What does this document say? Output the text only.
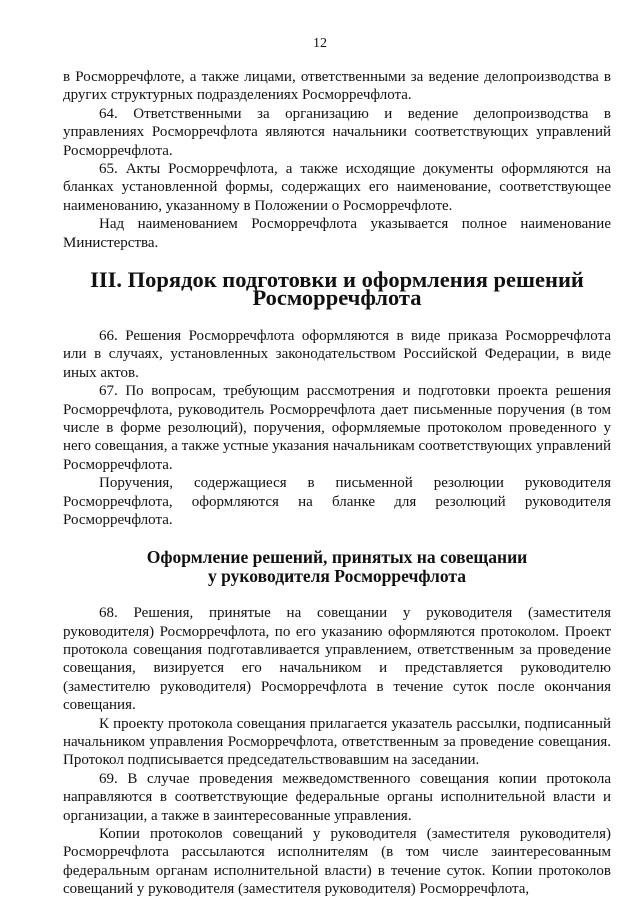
12

в Росморречфлоте, а также лицами, ответственными за ведение делопроизводства в других структурных подразделениях Росморречфлота.

64. Ответственными за организацию и ведение делопроизводства в управлениях Росморречфлота являются начальники соответствующих управлений Росморречфлота.

65. Акты Росморречфлота, а также исходящие документы оформляются на бланках установленной формы, содержащих его наименование, соответствующее наименованию, указанному в Положении о Росморречфлоте.

Над наименованием Росморречфлота указывается полное наименование Министерства.

III. Порядок подготовки и оформления решений Росморречфлота

66. Решения Росморречфлота оформляются в виде приказа Росморречфлота или в случаях, установленных законодательством Российской Федерации, в виде иных актов.

67. По вопросам, требующим рассмотрения и подготовки проекта решения Росморречфлота, руководитель Росморречфлота дает письменные поручения (в том числе в форме резолюций), поручения, оформляемые протоколом проведенного у него совещания, а также устные указания начальникам соответствующих управлений Росморречфлота.

Поручения, содержащиеся в письменной резолюции руководителя Росморречфлота, оформляются на бланке для резолюций руководителя Росморречфлота.

Оформление решений, принятых на совещании
у руководителя Росморречфлота

68. Решения, принятые на совещании у руководителя (заместителя руководителя) Росморречфлота, по его указанию оформляются протоколом. Проект протокола совещания подготавливается управлением, ответственным за проведение совещания, визируется его начальником и представляется руководителю (заместителю руководителя) Росморречфлота в течение суток после окончания совещания.

К проекту протокола совещания прилагается указатель рассылки, подписанный начальником управления Росморречфлота, ответственным за проведение совещания. Протокол подписывается председательствовавшим на заседании.

69. В случае проведения межведомственного совещания копии протокола направляются в соответствующие федеральные органы исполнительной власти и организации, а также в заинтересованные управления.

Копии протоколов совещаний у руководителя (заместителя руководителя) Росморречфлота рассылаются исполнителям (в том числе заинтересованным федеральным органам исполнительной власти) в течение суток. Копии протоколов совещаний у руководителя (заместителя руководителя) Росморречфлота,
